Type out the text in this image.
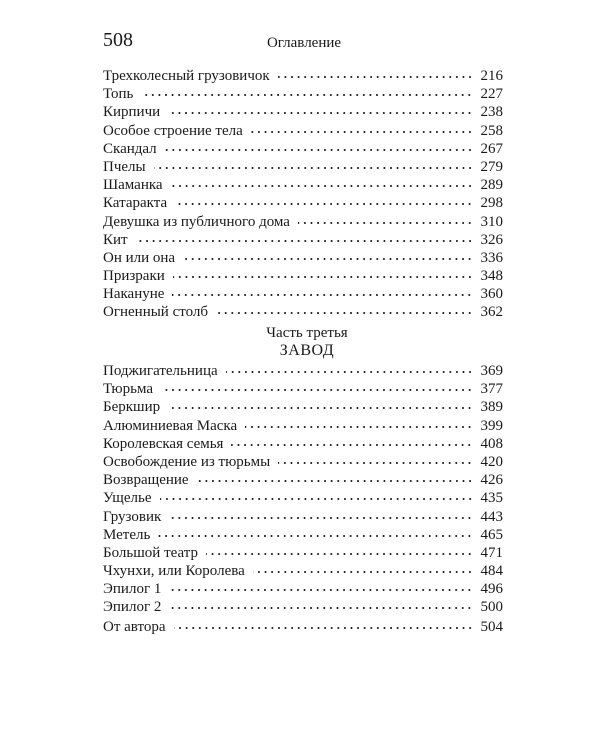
508	Оглавление
Трехколесный грузовичок	216
Топь	227
Кирпичи	238
Особое строение тела	258
Скандал	267
Пчелы	279
Шаманка	289
Катаракта	298
Девушка из публичного дома	310
Кит	326
Он или она	336
Призраки	348
Накануне	360
Огненный столб	362
Часть третья
ЗАВОД
Поджигательница	369
Тюрьма	377
Беркшир	389
Алюминиевая Маска	399
Королевская семья	408
Освобождение из тюрьмы	420
Возвращение	426
Ущелье	435
Грузовик	443
Метель	465
Большой театр	471
Чхунхи, или Королева	484
Эпилог 1	496
Эпилог 2	500
От автора	504
